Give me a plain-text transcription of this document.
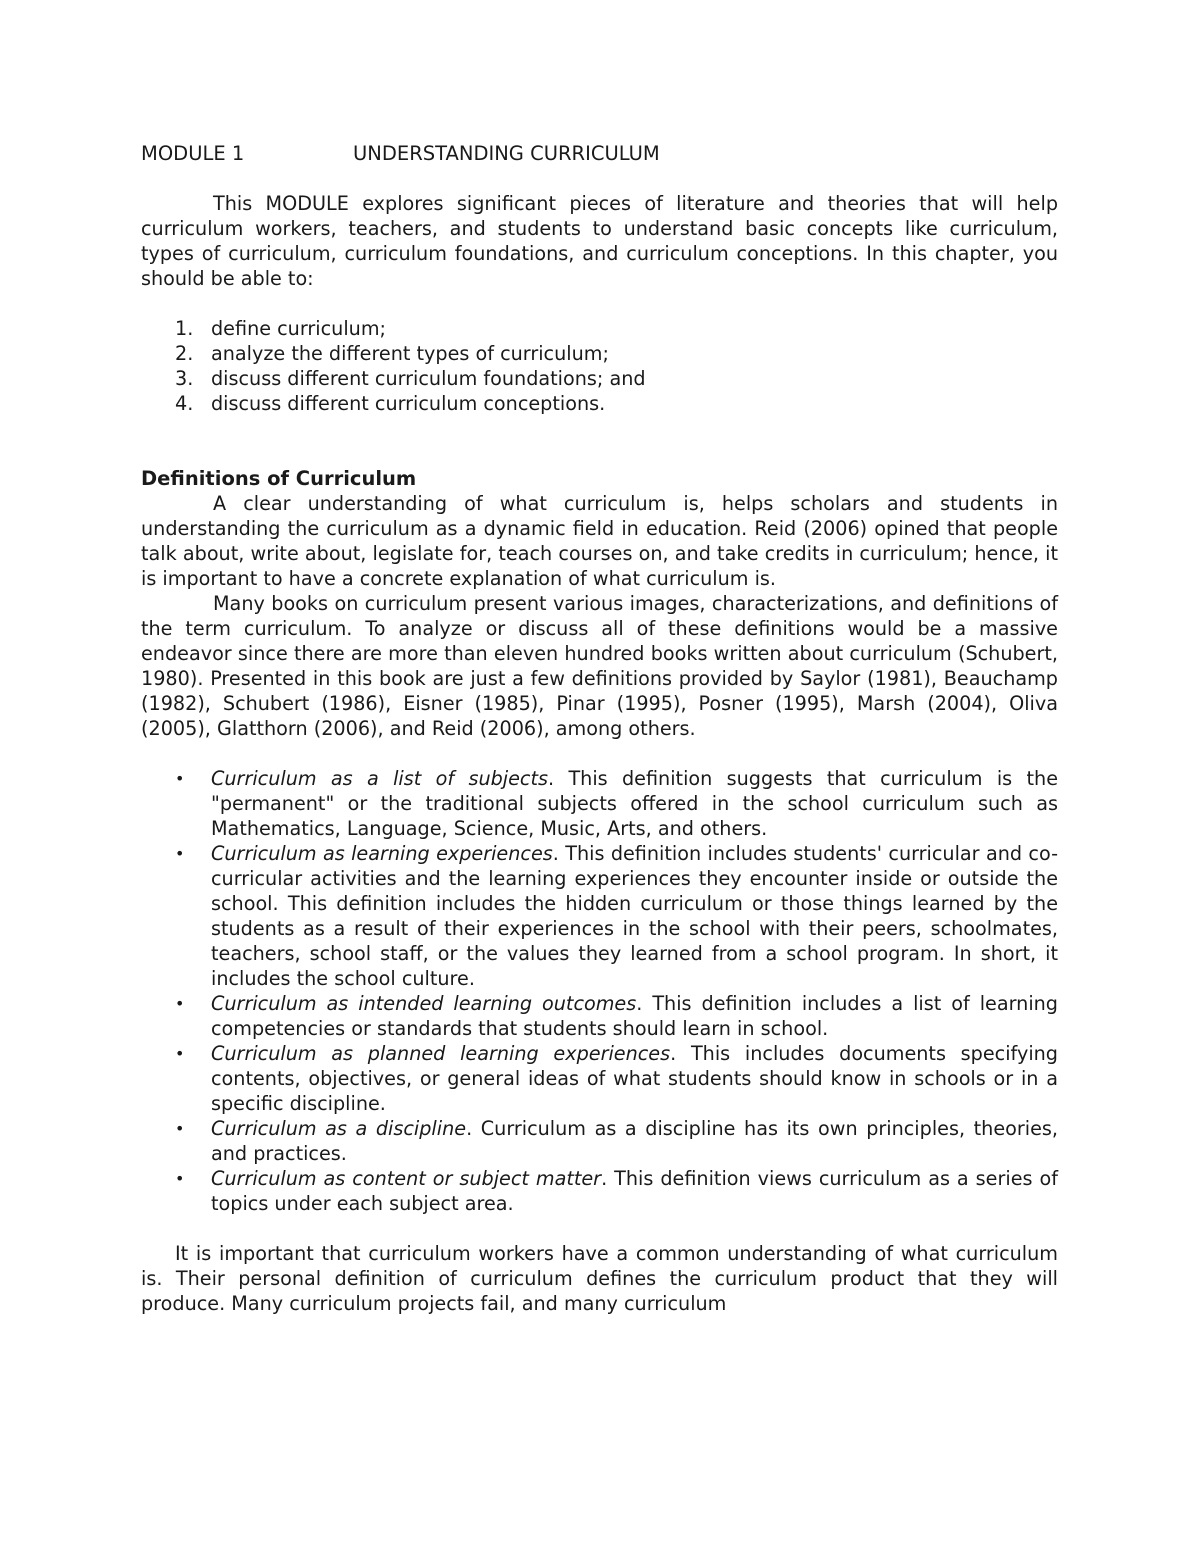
MODULE 1	UNDERSTANDING CURRICULUM

This MODULE explores significant pieces of literature and theories that will help curriculum workers, teachers, and students to understand basic concepts like curriculum, types of curriculum, curriculum foundations, and curriculum conceptions. In this chapter, you should be able to:

1. define curriculum;
2. analyze the different types of curriculum;
3. discuss different curriculum foundations; and
4. discuss different curriculum conceptions.
Definitions of Curriculum

A clear understanding of what curriculum is, helps scholars and students in understanding the curriculum as a dynamic field in education. Reid (2006) opined that people talk about, write about, legislate for, teach courses on, and take credits in curriculum; hence, it is important to have a concrete explanation of what curriculum is.

Many books on curriculum present various images, characterizations, and definitions of the term curriculum. To analyze or discuss all of these definitions would be a massive endeavor since there are more than eleven hundred books written about curriculum (Schubert, 1980). Presented in this book are just a few definitions provided by Saylor (1981), Beauchamp (1982), Schubert (1986), Eisner (1985), Pinar (1995), Posner (1995), Marsh (2004), Oliva (2005), Glatthorn (2006), and Reid (2006), among others.

• Curriculum as a list of subjects. This definition suggests that curriculum is the "permanent" or the traditional subjects offered in the school curriculum such as Mathematics, Language, Science, Music, Arts, and others.
• Curriculum as learning experiences. This definition includes students' curricular and co-curricular activities and the learning experiences they encounter inside or outside the school. This definition includes the hidden curriculum or those things learned by the students as a result of their experiences in the school with their peers, schoolmates, teachers, school staff, or the values they learned from a school program. In short, it includes the school culture.
• Curriculum as intended learning outcomes. This definition includes a list of learning competencies or standards that students should learn in school.
• Curriculum as planned learning experiences. This includes documents specifying contents, objectives, or general ideas of what students should know in schools or in a specific discipline.
• Curriculum as a discipline. Curriculum as a discipline has its own principles, theories, and practices.
• Curriculum as content or subject matter. This definition views curriculum as a series of topics under each subject area.

It is important that curriculum workers have a common understanding of what curriculum is. Their personal definition of curriculum defines the curriculum product that they will produce. Many curriculum projects fail, and many curriculum
